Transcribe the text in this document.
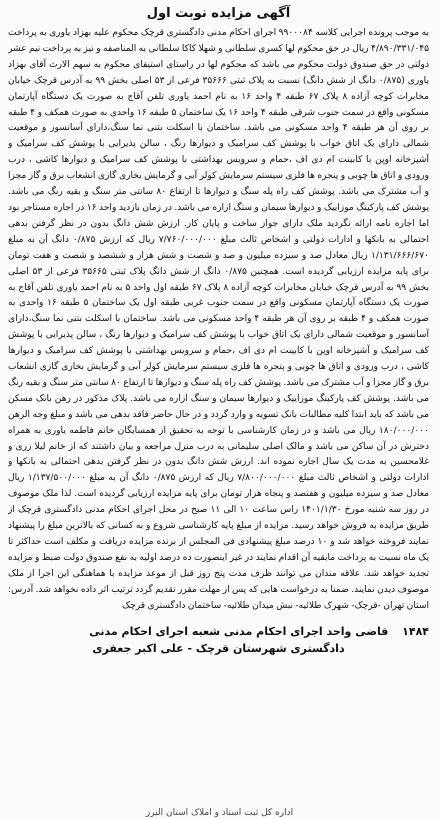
آگهی مزایده نوبت اول

به موجب پرونده اجرایی کلاسه ۹۹۰۰۰۸۴ اجرای احکام مدنی دادگستری قرچک محکوم علیه بهزاد یاوری به پرداخت ۴/۸۹۰/۳۳۱/۰۴۵ ریال در حق محکوم لها کسری سلطانی و شهلا کاکا سلطانی به المناصفه و نیز به پرداخت نیم عشر دولتی در حق صندوق دولت محکوم می باشد که محکوم لها در راستای استیفای محکوم به سهم الارث آقای بهزاد یاوری (۰/۸۷۵ دانگ از شش دانگ) نسبت به پلاک ثبتی ۳۵۶۶۶ فرعی از ۵۳ اصلی بخش ۹۹ به آدرس قرچک خیابان مخابرات کوچه آزاده ۸ پلاک ۶۷ طبقه ۴ واحد ۱۶ به نام احمد یاوری تلفن آقاج به صورت یک دستگاه آپارتمان مسکونی واقع در سمت جنوب شرقی طبقه ۴ واحد ۱۶ یک ساختمان ۵ طبقه ۱۶ واحدی به صورت همکف و ۴ طبقه بر روی آن هر طبقه ۴ واحد مسکونی می باشد. ساختمان با اسکلت بتنی نما سنگ،دارای آسانسور و موقعیت شمالی دارای یک اتاق خواب با پوشش کف سرامیک و دیوارها رنگ ، سالن پذیرایی با پوشش کف سرامیک و آشپزخانه اوپن با کابینت ام دی اف ،حمام و سرویس بهداشتی با پوشش کف سرامیک و دیوارها کاشی ، درب ورودی و اتاق ها چوبی و پنجره ها فلزی سیستم سرمایش کولر آبی و گرمایش بخاری گازی انشعاب برق و گاز مجزا و آب مشترک می باشد. پوشش کف راه پله سنگ و دیوارها تا ارتفاع ۸۰ سانتی متر سنگ و بقیه رنگ می باشد. پوشش کف پارکینگ موزاییک و دیوارها سیمان و سنگ ازاره می باشد. در زمان بازدید واحد ۱۶ در اجاره مستاجر بود اما اجاره نامه ارائه نگردید ملک دارای جواز ساخت و پایان کار. ارزش شش دانگ بدون در نظر گرفتن بدهی احتمالی به بانکها و ادارات دولتی و اشخاص ثالث مبلغ ۷/۷۶۰/۰۰۰/۰۰۰ ریال که ارزش ۰/۸۷۵ دانگ آن به مبلغ ۱/۱۳۱/۶۶۶/۶۷۰ ریال معادل صد و سیزده میلیون و صد و شصت و شش هزار و ششصد و شصت و هفت تومان برای پایه مزایده ارزیابی گردیده است. همچنین ۰/۸۷۵ دانگ از شش دانگ پلاک ثبتی ۳۵۶۶۵ فرعی از ۵۳ اصلی بخش ۹۹ به آدرس قرچک خیابان مخابرات کوچه آزاده ۸ پلاک ۶۷ طبقه اول واحد ۵ به نام احمد یاوری تلفن آقاج به صورت یک دستگاه آپارتمان مسکونی واقع در سمت جنوب غربی طبقه اول یک ساختمان ۵ طبقه ۱۶ واحدی به صورت همکف و ۴ طبقه بر روی آن هر طبقه ۴ واحد مسکونی می باشد. ساختمان با اسکلت بتنی نما سنگ،دارای آسانسور و موقعیت شمالی دارای یک اتاق خواب با پوشش کف سرامیک و دیوارها رنگ ، سالن پذیرایی با پوشش کف سرامیک و آشپزخانه اوپن با کابینت ام دی اف ،حمام و سرویس بهداشتی با پوشش کف سرامیک و دیوارها کاشی ، درب ورودی و اتاق ها چوبی و پنجره ها فلزی سیستم سرمایش کولر آبی و گرمایش بخاری گازی انشعاب برق و گاز مجزا و آب مشترک می باشد. پوشش کف راه پله سنگ و دیوارها تا ارتفاع ۸۰ سانتی متر سنگ و بقیه رنگ می باشد. پوشش کف پارکینگ موزاییک و دیوارها سیمان و سنگ ازاره می باشد. پلاک مذکور در رهن بانک مسکن می باشد که باید ابتدا کلیه مطالبات بانک تسویه و وارد گردد و در حال حاضر فاقد بدهی می باشد و مبلغ وجه الرهن ۱۸۰/۰۰۰/۰۰۰ ریال می باشد و در زمان کارشناسی با توجه به تحقیق از همسایگان خانم فاطمه یاوری به همراه دخترش در آن ساکن می باشد و مالک اصلی سلیمانی به درب منزل مراجعه و بیان داشتند که از خانم لیلا زری و غلامحسین به مدت یک سال اجاره نموده اند. ارزش شش دانگ بدون در نظر گرفتن بدهی احتمالی به بانکها و ادارات دولتی و اشخاص ثالث مبلغ ۷/۸۰۰/۰۰۰/۰۰۰ ریال که ارزش ۰/۸۷۵ دانگ آن به مبلغ ۱/۱۳۷/۵۰۰/۰۰۰ ریال معادل صد و سیزده میلیون و هفتصد و پنجاه هزار تومان برای پایه مزایده ارزیابی گردیده است. لذا ملک موصوف در روز سه شنبه مورخ ۱۴۰۱/۱/۳۰ راس ساعت ۱۰ الی ۱۱ صبح در محل اجرای احکام مدنی دادگستری قرچک از طریق مزایده به فروش خواهد رسید. مزایده از مبلغ پایه کارشناسی شروع و به کسانی که بالاترین مبلغ را پیشنهاد نمایند فروخته خواهد شد و ۱۰ درصد مبلغ پیشنهادی فی المجلس از برنده مزایده دریافت و مکلف است حداکثر تا یک ماه نسبت به پرداخت مابقیه آن اقدام نمایند در غیر اینصورت ده درصد اولیه به نفع صندوق دولت ضبط و مزایده تجدید خواهد شد. علاقه مندان می توانند ظرف مدت پنج روز قبل از موعد مزایده با هماهنگی این اجرا از ملک موصوف دیدن نمایند. ضمنا به درخواست هایی که پس از مهلت مقرر تقدیم گردد ترتیب اثر داده نخواهد شد. آدرس: استان تهران -قرچک- شهرک طلائیه- نبش میدان طلائیه- ساختمان دادگستری قرچک

۱۴۸۴ قاضی واحد اجرای احکام مدنی شعبه اجرای احکام مدنی
دادگستری شهرستان قرچک - علی اکبر جعفری
اداره کل ثبت اسناد و املاک استان البرز
